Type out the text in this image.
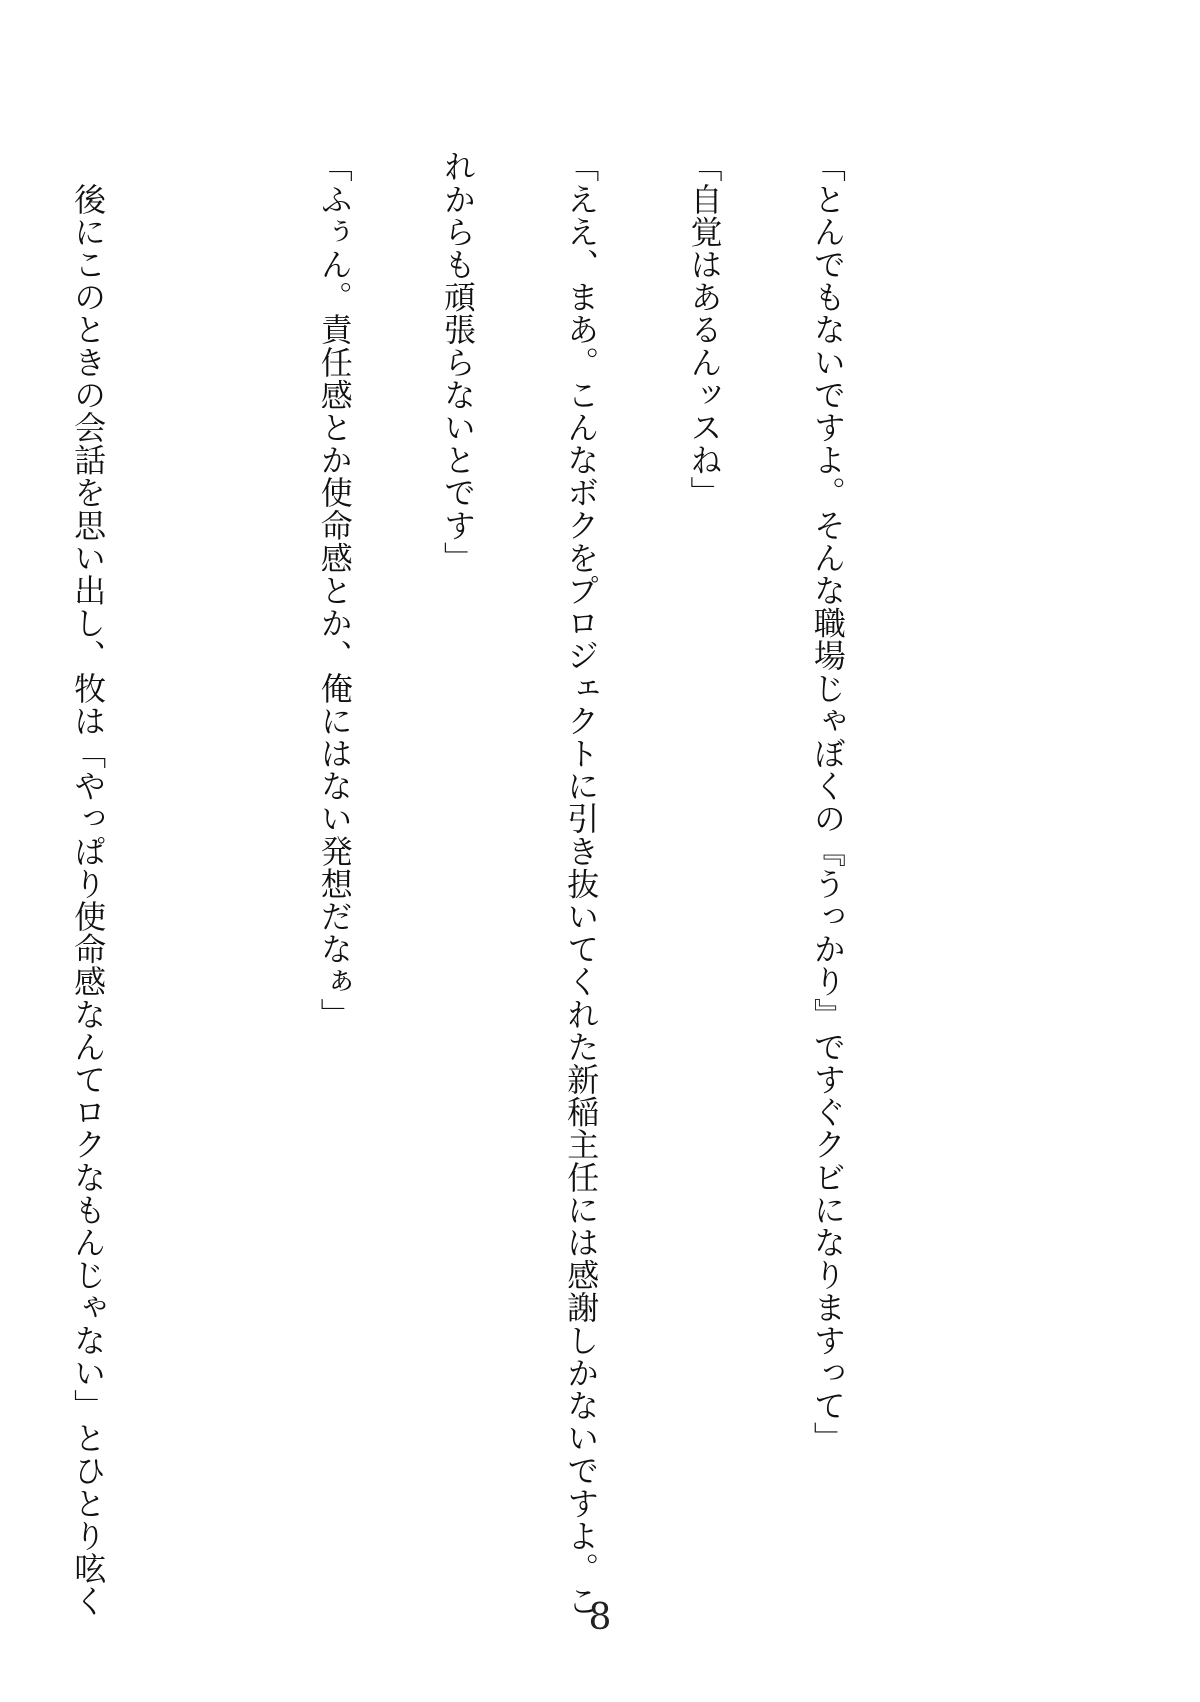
「とんでもないですよ。そんな職場じゃぼくの『うっかり』ですぐクビになりますって」

「自覚はあるんッスね」

「ええ、まあ。こんなボクをプロジェクトに引き抜いてくれた新稲主任には感謝しかないですよ。こ

れからも頑張らないとです」

「ふぅん。責任感とか使命感とか、俺にはない発想だなぁ」

　後にこのときの会話を思い出し、牧は「やっぱり使命感なんてロクなもんじゃない」とひとり呟く

8
